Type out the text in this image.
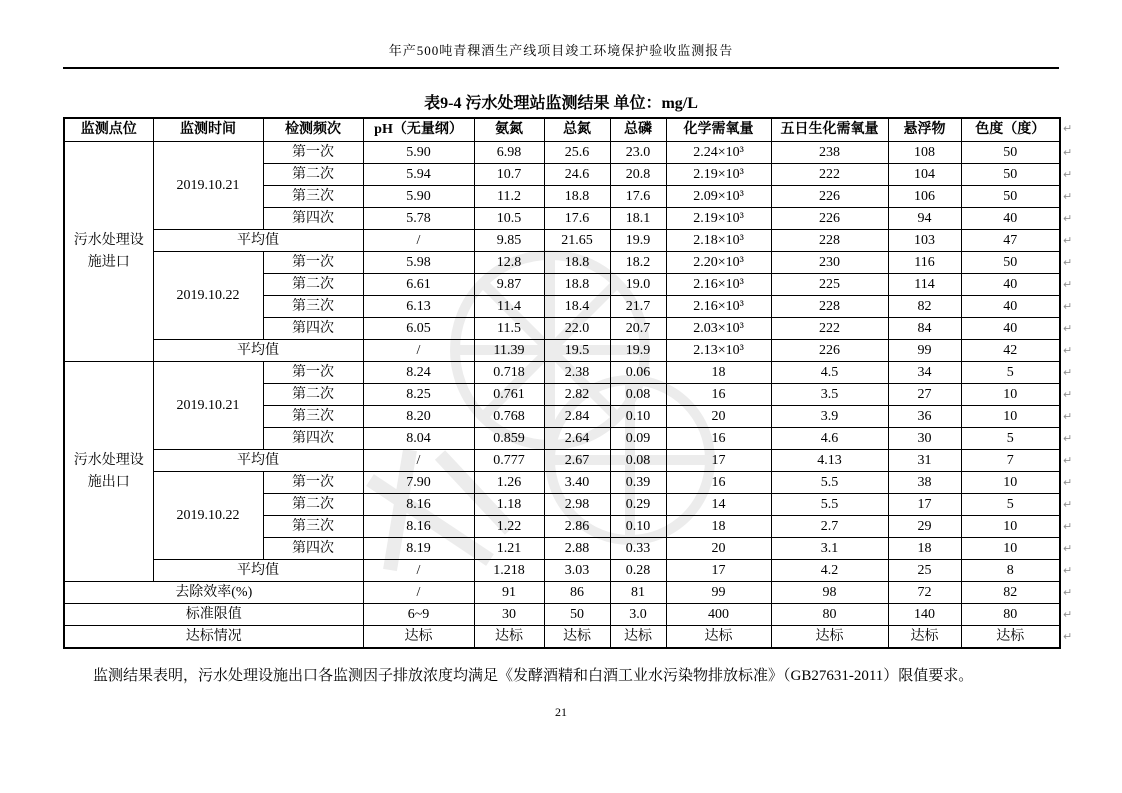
年产500吨青稞酒生产线项目竣工环境保护验收监测报告
表9-4 污水处理站监测结果 单位：mg/L
监测点位	监测时间	检测频次	pH（无量纲）	氨氮	总氮	总磷	化学需氧量	五日生化需氧量	悬浮物	色度（度）
污水处理设施进口	2019.10.21	第一次	5.90	6.98	25.6	23.0	2.24×10³	238	108	50
		第二次	5.94	10.7	24.6	20.8	2.19×10³	222	104	50
		第三次	5.90	11.2	18.8	17.6	2.09×10³	226	106	50
		第四次	5.78	10.5	17.6	18.1	2.19×10³	226	94	40
	平均值		/	9.85	21.65	19.9	2.18×10³	228	103	47
	2019.10.22	第一次	5.98	12.8	18.8	18.2	2.20×10³	230	116	50
		第二次	6.61	9.87	18.8	19.0	2.16×10³	225	114	40
		第三次	6.13	11.4	18.4	21.7	2.16×10³	228	82	40
		第四次	6.05	11.5	22.0	20.7	2.03×10³	222	84	40
	平均值		/	11.39	19.5	19.9	2.13×10³	226	99	42
污水处理设施出口	2019.10.21	第一次	8.24	0.718	2.38	0.06	18	4.5	34	5
		第二次	8.25	0.761	2.82	0.08	16	3.5	27	10
		第三次	8.20	0.768	2.84	0.10	20	3.9	36	10
		第四次	8.04	0.859	2.64	0.09	16	4.6	30	5
	平均值		/	0.777	2.67	0.08	17	4.13	31	7
	2019.10.22	第一次	7.90	1.26	3.40	0.39	16	5.5	38	10
		第二次	8.16	1.18	2.98	0.29	14	5.5	17	5
		第三次	8.16	1.22	2.86	0.10	18	2.7	29	10
		第四次	8.19	1.21	2.88	0.33	20	3.1	18	10
	平均值		/	1.218	3.03	0.28	17	4.2	25	8
去除效率(%)			/	91	86	81	99	98	72	82
标准限值			6~9	30	50	3.0	400	80	140	80
达标情况			达标	达标	达标	达标	达标	达标	达标	达标
↵
↵
↵
↵
↵
↵
↵
↵
↵
↵
↵
↵
↵
↵
↵
↵
↵
↵
↵
↵
↵
↵
↵
↵
监测结果表明，污水处理设施出口各监测因子排放浓度均满足《发酵酒精和白酒工业水污染物排放标准》（GB27631-2011）限值要求。
21
